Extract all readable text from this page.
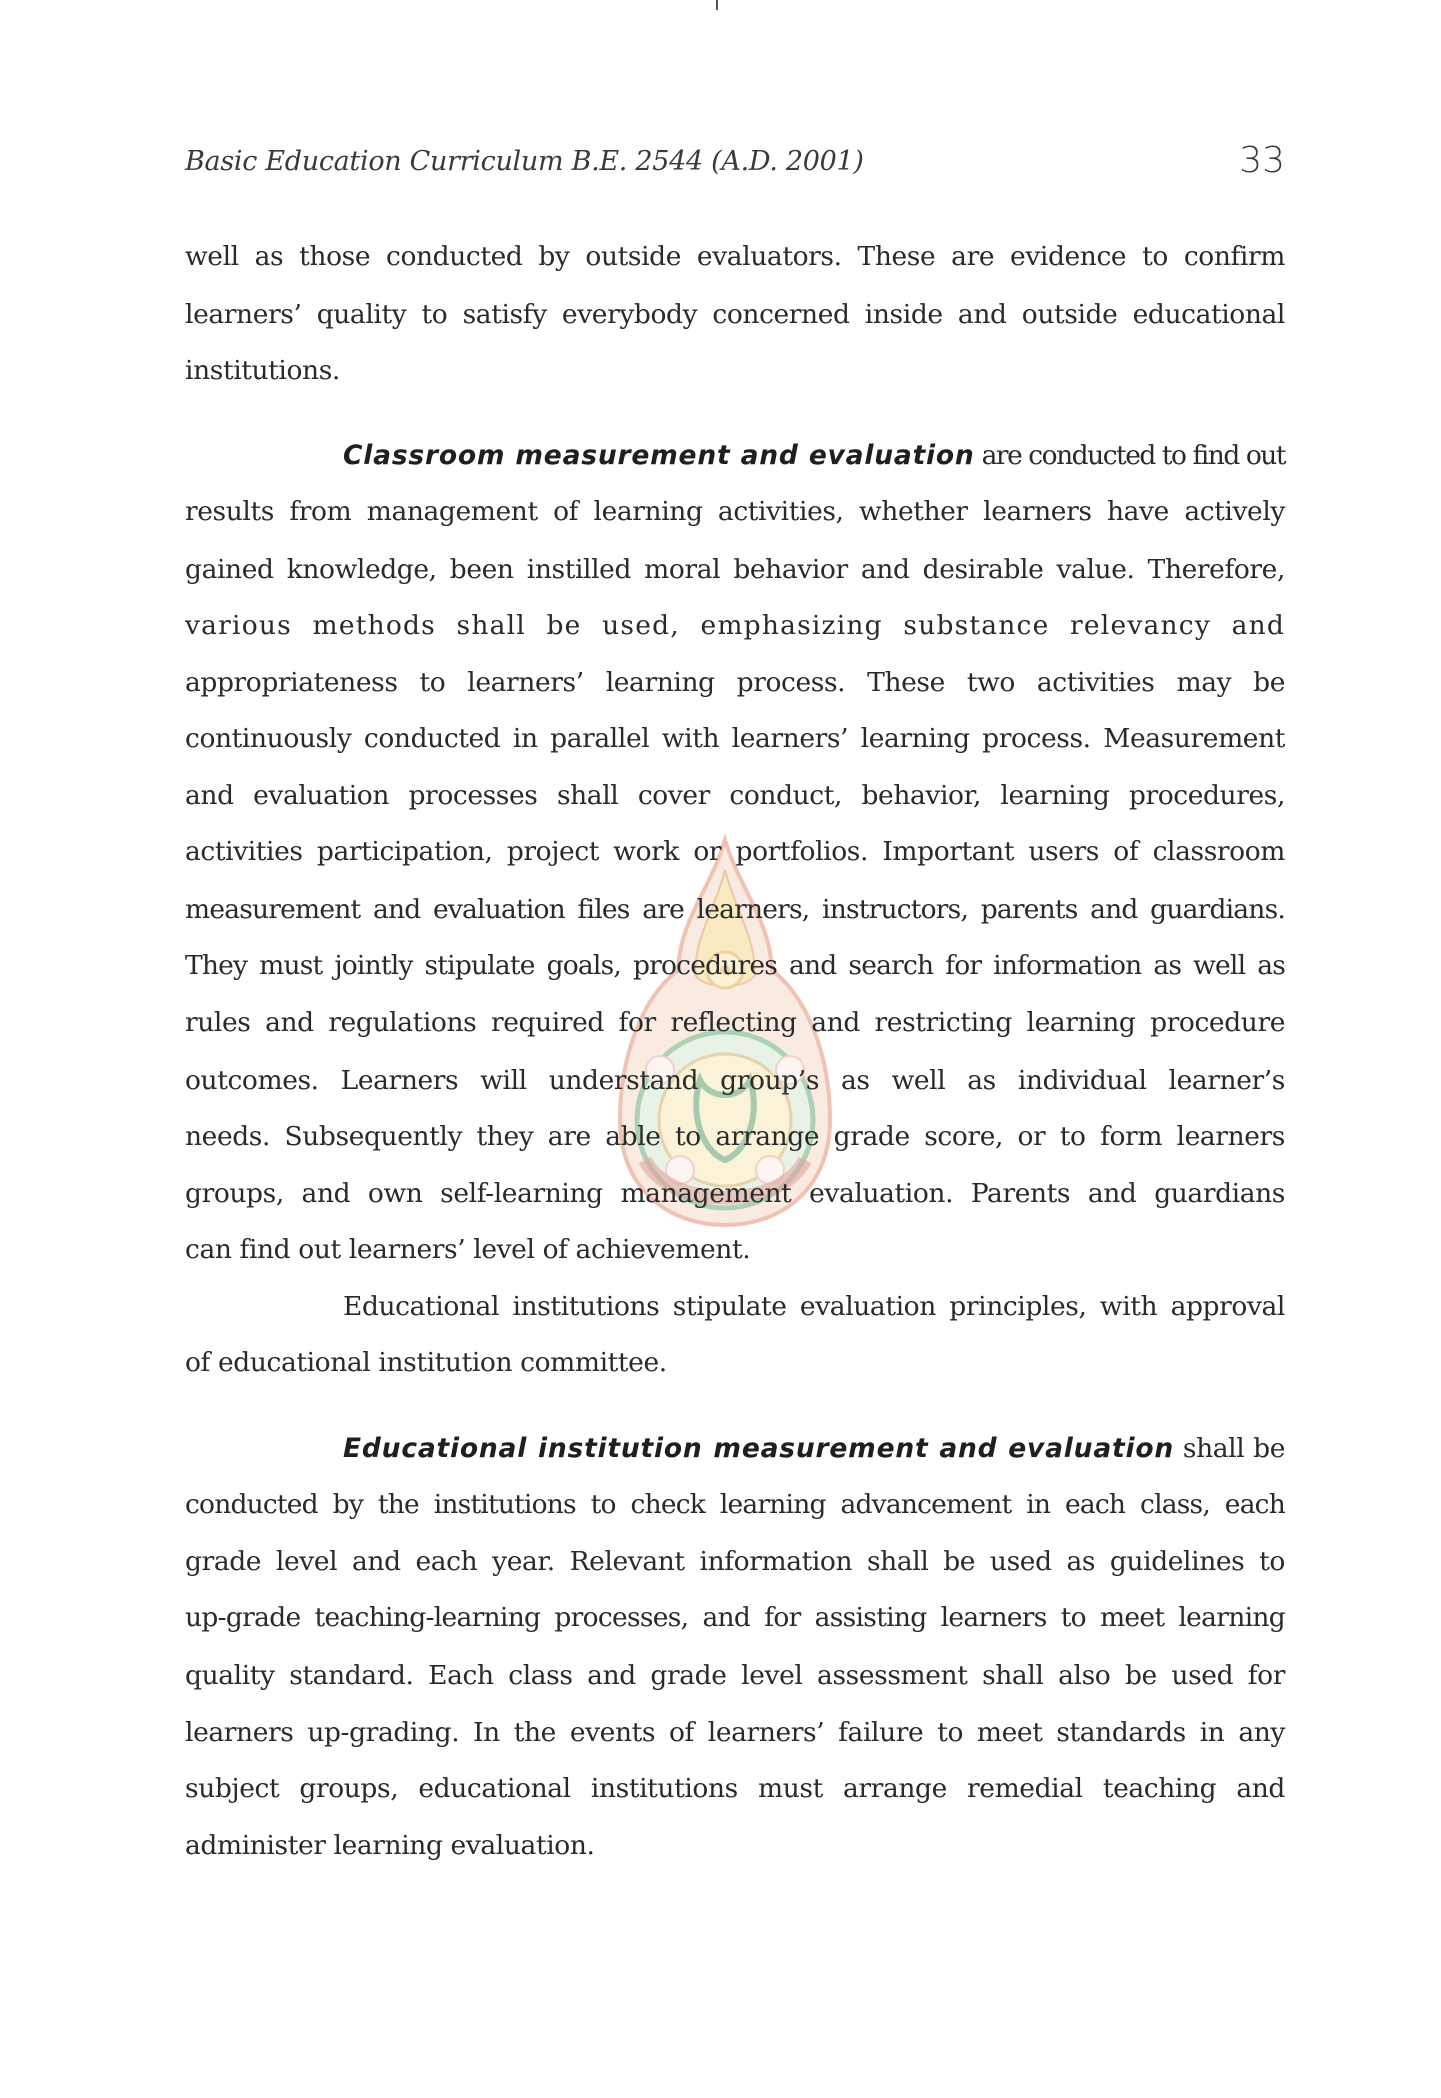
Basic Education Curriculum B.E. 2544 (A.D. 2001)	33
well as those conducted by outside evaluators. These are evidence to confirm
learners’ quality to satisfy everybody concerned inside and outside educational
institutions.
Classroom measurement and evaluation are conducted to find out
results from management of learning activities, whether learners have actively
gained knowledge, been instilled moral behavior and desirable value. Therefore,
various methods shall be used, emphasizing substance relevancy and
appropriateness to learners’ learning process. These two activities may be
continuously conducted in parallel with learners’ learning process. Measurement
and evaluation processes shall cover conduct, behavior, learning procedures,
activities participation, project work or portfolios. Important users of classroom
measurement and evaluation files are learners, instructors, parents and guardians.
They must jointly stipulate goals, procedures and search for information as well as
rules and regulations required for reflecting and restricting learning procedure
outcomes. Learners will understand group’s as well as individual learner’s
needs. Subsequently they are able to arrange grade score, or to form learners
groups, and own self-learning management evaluation. Parents and guardians
can find out learners’ level of achievement.
Educational institutions stipulate evaluation principles, with approval
of educational institution committee.
Educational institution measurement and evaluation shall be
conducted by the institutions to check learning advancement in each class, each
grade level and each year. Relevant information shall be used as guidelines to
up-grade teaching-learning processes, and for assisting learners to meet learning
quality standard. Each class and grade level assessment shall also be used for
learners up-grading. In the events of learners’ failure to meet standards in any
subject groups, educational institutions must arrange remedial teaching and
administer learning evaluation.
